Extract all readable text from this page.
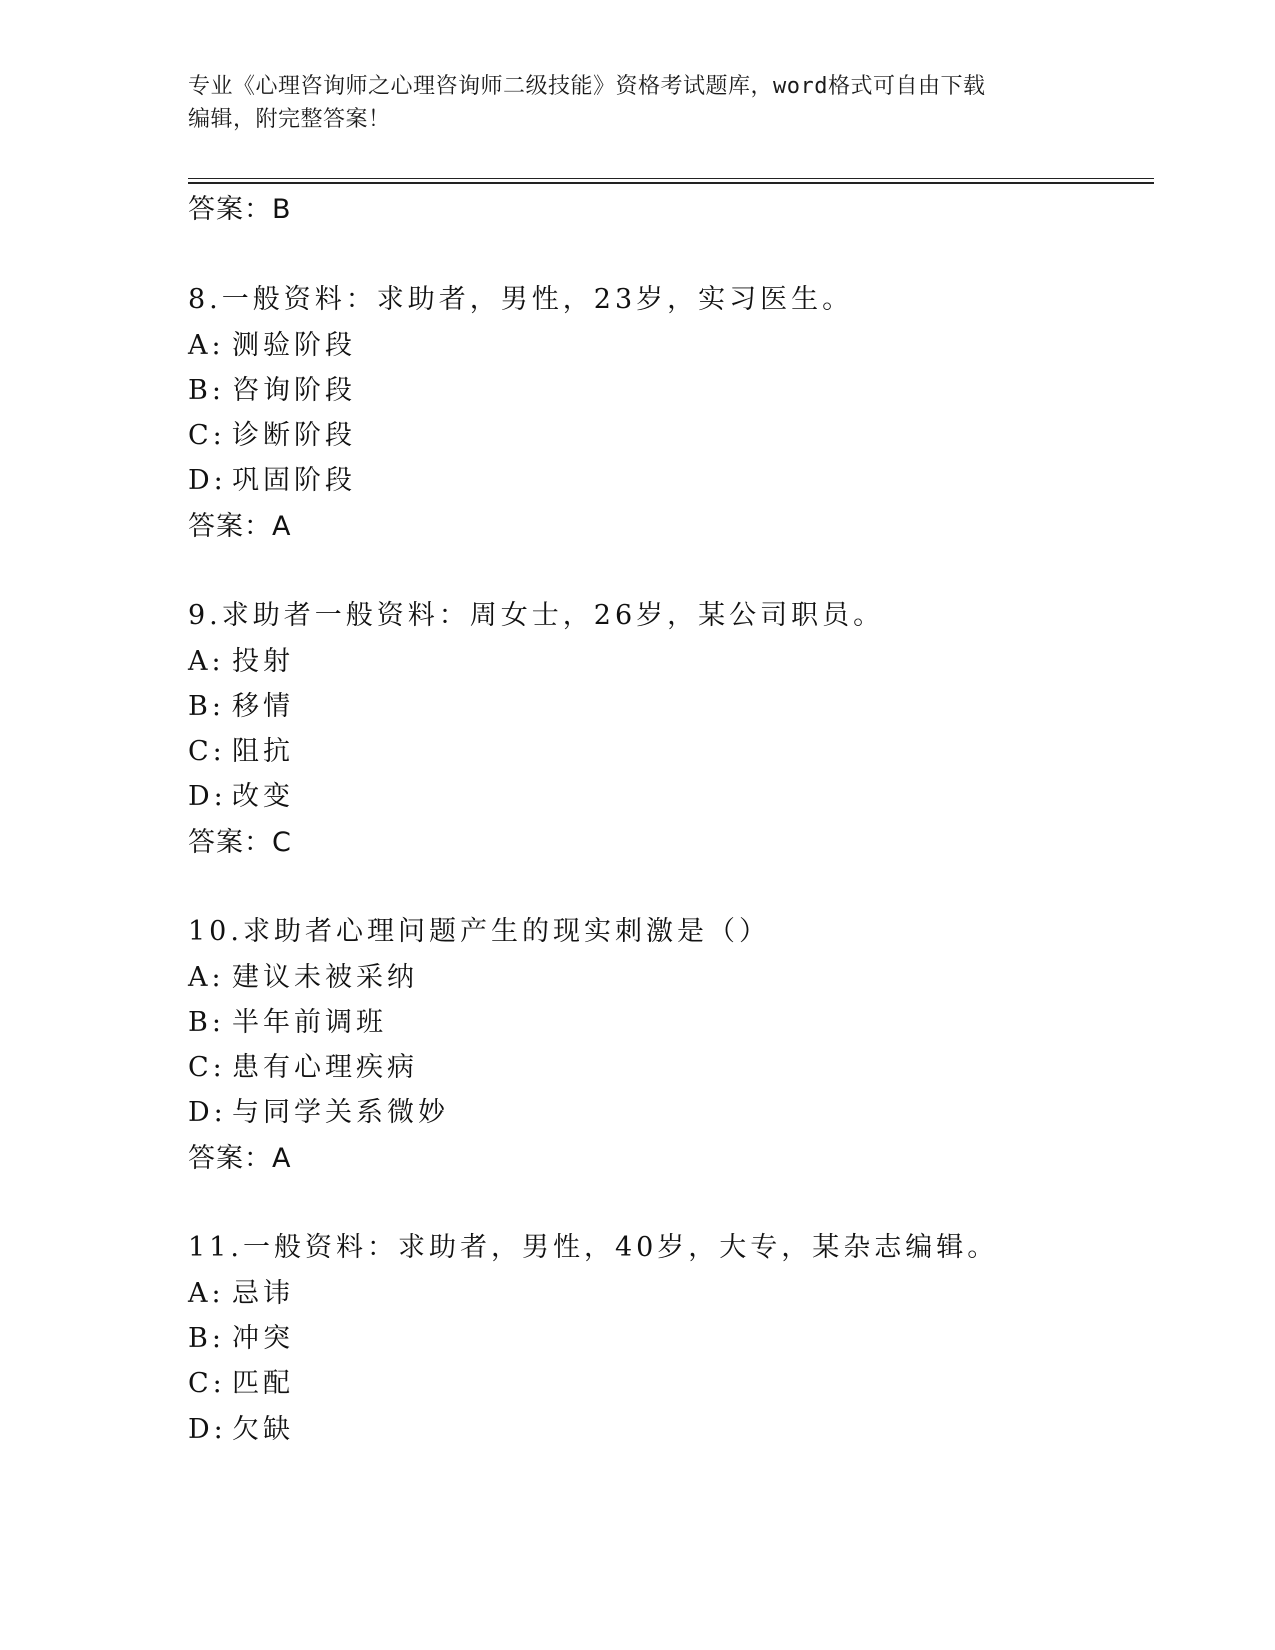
专业《心理咨询师之心理咨询师二级技能》资格考试题库，word格式可自由下载
编辑，附完整答案！
答案：B
8.一般资料：求助者，男性，23岁，实习医生。
A: 测验阶段
B: 咨询阶段
C: 诊断阶段
D: 巩固阶段
答案：A
9.求助者一般资料：周女士，26岁，某公司职员。
A: 投射
B: 移情
C: 阻抗
D: 改变
答案：C
10.求助者心理问题产生的现实刺激是（）
A: 建议未被采纳
B: 半年前调班
C: 患有心理疾病
D: 与同学关系微妙
答案：A
11.一般资料：求助者，男性，40岁，大专，某杂志编辑。
A: 忌讳
B: 冲突
C: 匹配
D: 欠缺
